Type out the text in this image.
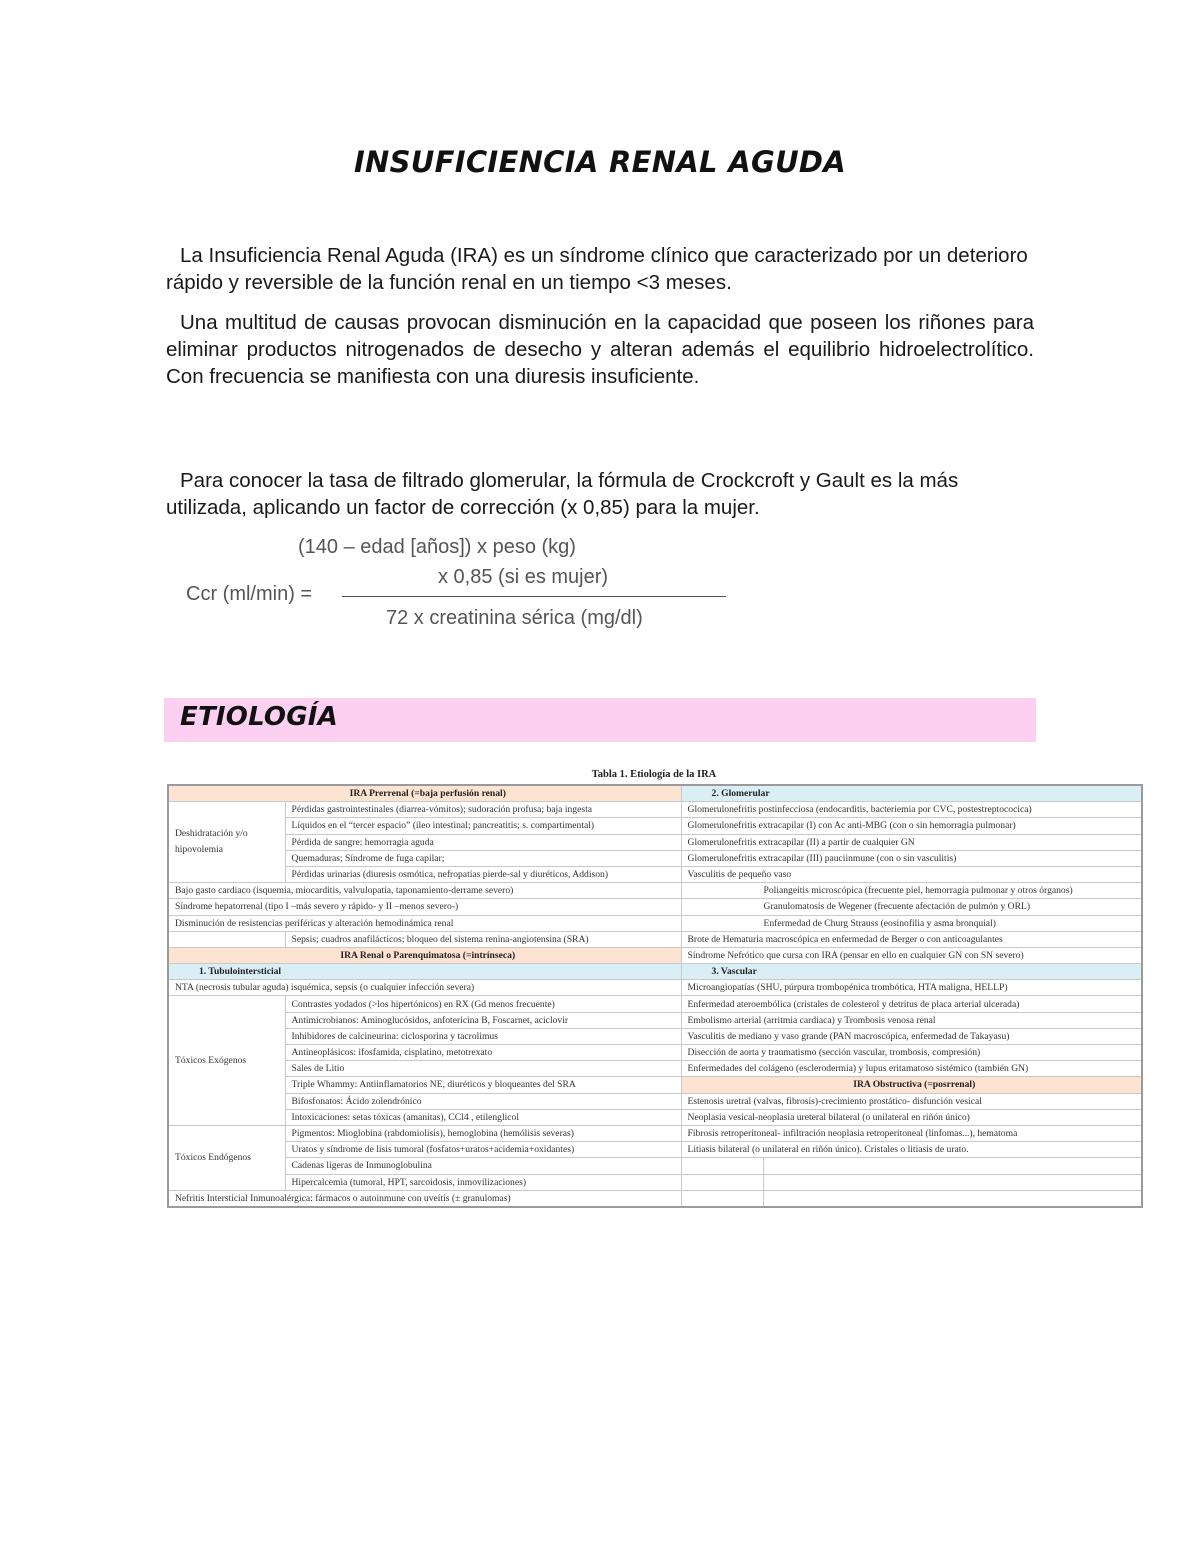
INSUFICIENCIA RENAL AGUDA
La Insuficiencia Renal Aguda (IRA) es un síndrome clínico que caracterizado por un deterioro rápido y reversible de la función renal en un tiempo <3 meses.
Una multitud de causas provocan disminución en la capacidad que poseen los riñones para eliminar productos nitrogenados de desecho y alteran además el equilibrio hidroelectrolítico. Con frecuencia se manifiesta con una diuresis insuficiente.
Para conocer la tasa de filtrado glomerular, la fórmula de Crockcroft y Gault es la más utilizada, aplicando un factor de corrección (x 0,85) para la mujer.
(140 – edad [años]) x peso (kg)
x 0,85 (si es mujer)
Ccr (ml/min) =
72 x creatinina sérica (mg/dl)
ETIOLOGÍA
Tabla 1. Etiología de la IRA
IRA Prerrenal (=baja perfusión renal)		2. Glomerular	
Deshidratación y/o hipovolemia	Pérdidas gastrointestinales (diarrea-vómitos); sudoración profusa; baja ingesta	Glomerulonefritis postinfecciosa (endocarditis, bacteriemia por CVC, postestreptococica)	
	Líquidos en el “tercer espacio” (íleo intestinal; pancreatitis; s. compartimental)	Glomerulonefritis extracapilar (I) con Ac anti-MBG (con o sin hemorragia pulmonar)	
	Pérdida de sangre: hemorragia aguda	Glomerulonefritis extracapilar (II) a partir de cualquier GN	
	Quemaduras; Síndrome de fuga capilar;	Glomerulonefritis extracapilar (III) pauciinmune (con o sin vasculitis)	
	Pérdidas urinarias (diuresis osmótica, nefropatías pierde-sal y diuréticos, Addison)	Vasculitis de pequeño vaso	
Bajo gasto cardiaco (isquemia, miocarditis, valvulopatía, taponamiento-derrame severo)		Poliangeítis microscópica (frecuente piel, hemorragia pulmonar y otros órganos)	
Síndrome hepatorrenal (tipo I –más severo y rápido- y II –menos severo-)		Granulomatosis de Wegener (frecuente afectación de pulmón y ORL)	
Disminución de resistencias periféricas y alteración hemodinámica renal		Enfermedad de Churg Strauss (eosinofilia y asma bronquial)	
	Sepsis; cuadros anafilácticos; bloqueo del sistema renina-angiotensina (SRA)	Brote de Hematuria macroscópica en enfermedad de Berger o con anticoagulantes	
IRA Renal o Parenquimatosa (=intrínseca)		Síndrome Nefrótico que cursa con IRA (pensar en ello en cualquier GN con SN severo)	
1. Tubulointersticial		3. Vascular	
NTA (necrosis tubular aguda) isquémica, sepsis (o cualquier infección severa)		Microangiopatías (SHU, púrpura trombopénica trombótica, HTA maligna, HELLP)	
Tóxicos Exógenos	Contrastes yodados (>los hipertónicos) en RX (Gd menos frecuente)	Enfermedad ateroembólica (cristales de colesterol y detritus de placa arterial ulcerada)	
	Antimicrobianos: Aminoglucósidos, anfotericina B, Foscarnet, aciclovir	Embolismo arterial (arritmia cardiaca) y Trombosis venosa renal	
	Inhibidores de calcineurina: ciclosporina y tacrolimus	Vasculitis de mediano y vaso grande (PAN macroscópica, enfermedad de Takayasu)	
	Antineoplásicos: ifosfamida, cisplatino, metotrexato	Disección de aorta y traumatismo (sección vascular, trombosis, compresión)	
	Sales de Litio	Enfermedades del colágeno (esclerodermia) y lupus eritamatoso sistémico (también GN)	
	Triple Whammy: Antiinflamatorios NE, diuréticos y bloqueantes del SRA	IRA Obstructiva (=posrrenal)	
	Bifosfonatos: Ácido zolendrónico	Estenosis uretral (valvas, fibrosis)-crecimiento prostático- disfunción vesical	
	Intoxicaciones: setas tóxicas (amanitas), CCl4 , etilenglicol	Neoplasia vesical-neoplasia ureteral bilateral (o unilateral en riñón único)	
Tóxicos Endógenos	Pigmentos: Mioglobina (rabdomiolisis), hemoglobina (hemólisis severas)	Fibrosis retroperitoneal- infiltración neoplasia retroperitoneal (linfomas...), hematoma	
	Uratos y síndrome de lisis tumoral (fosfatos+uratos+acidemia+oxidantes)	Litiasis bilateral (o unilateral en riñón único). Cristales o litiasis de urato.	
	Cadenas ligeras de Inmunoglobulina		
	Hipercalcemia (tumoral, HPT, sarcoidosis, inmovilizaciones)		
Nefritis Intersticial Inmunoalérgica: fármacos o autoinmune con uveítis (± granulomas)			
